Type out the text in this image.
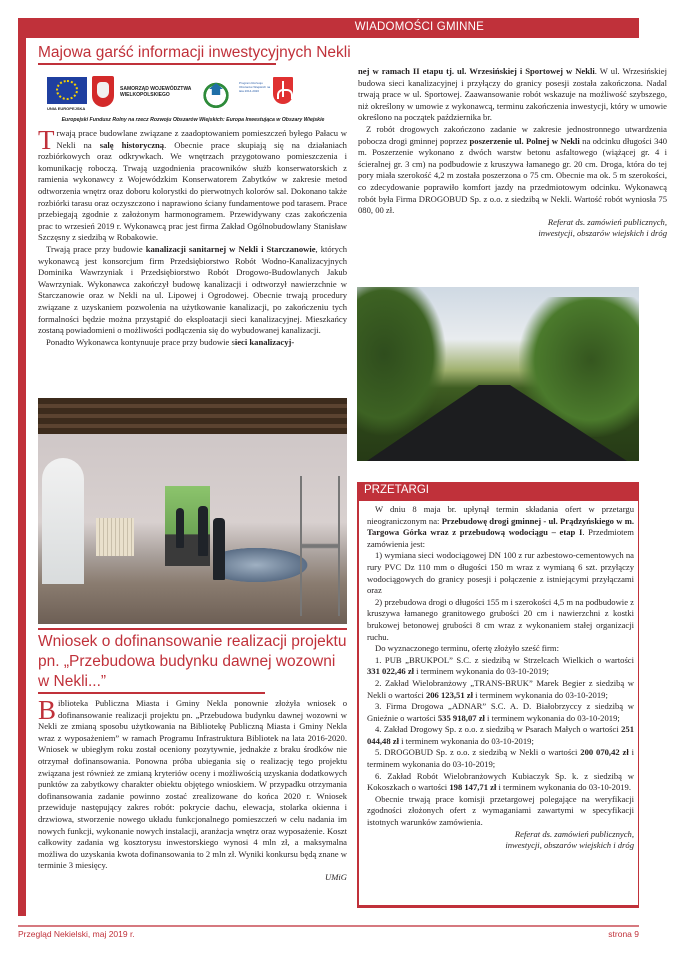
WIADOMOŚCI GMINNE
Majowa garść informacji inwestycyjnych Nekli
UNIA EUROPEJSKA
SAMORZĄD WOJEWÓDZTWA
WIELKOPOLSKIEGO
Program Rozwoju Obszarów Wiejskich na lata 2014-2020
Europejski Fundusz Rolny na rzecz Rozwoju Obszarów Wiejskich: Europa Inwestująca w Obszary Wiejskie

Trwają prace budowlane związane z zaadoptowaniem pomieszczeń byłego Pałacu w Nekli na salę historyczną. Obecnie prace skupiają się na działaniach rozbiórkowych oraz odkrywkach. We wnętrzach przygotowano pomieszczenia i komunikację roboczą. Trwają uzgodnienia pracowników służb konserwatorskich z ramienia wykonawcy z Wojewódzkim Konserwatorem Zabytków w zakresie metod odtworzenia wnętrz oraz doboru kolorystki do pierwotnych kolorów sal. Dokonano także rozbiórki tarasu oraz oczyszczono i naprawiono ściany fundamentowe pod tarasem. Prace przebiegają zgodnie z założonym harmonogramem. Przewidywany czas zakończenia prac to wrzesień 2019 r. Wykonawcą prac jest firma Zakład Ogólnobudowlany Stanisław Szczęsny z siedzibą w Robakowie.

Trwają prace przy budowie kanalizacji sanitarnej w Nekli i Starczanowie, których wykonawcą jest konsorcjum firm Przedsiębiorstwo Robót Wodno-Kanalizacyjnych Dominika Wawrzyniak i Przedsiębiorstwo Robót Drogowo-Budowlanych Jakub Wawrzyniak. Wykonawca zakończył budowę kanalizacji i odtworzył nawierzchnie w Starczanowie oraz w Nekli na ul. Lipowej i Ogrodowej. Obecnie trwają procedury związane z uzyskaniem pozwolenia na użytkowanie kanalizacji, po zakończeniu tych formalności będzie można przystąpić do eksploatacji sieci kanalizacyjnej. Mieszkańcy zostaną powiadomieni o możliwości podłączenia się do wybudowanej kanalizacji.

Ponadto Wykonawca kontynuuje prace przy budowie sieci kanalizacyj-

Wniosek o dofinansowanie realizacji projektu pn. „Przebudowa budynku dawnej wozowni w Nekli...”

Biblioteka Publiczna Miasta i Gminy Nekla ponownie złożyła wniosek o dofinansowanie realizacji projektu pn. „Przebudowa budynku dawnej wozowni w Nekli ze zmianą sposobu użytkowania na Bibliotekę Publiczną Miasta i Gminy Nekla wraz z wyposażeniem” w ramach Programu Infrastruktura Bibliotek na lata 2016-2020. Wniosek w ubiegłym roku został oceniony pozytywnie, jednakże z braku środków nie otrzymał dofinansowania. Ponowna próba ubiegania się o realizację tego projektu związana jest również ze zmianą kryteriów oceny i możliwością uzyskania dodatkowych punktów za zabytkowy charakter obiektu objętego wnioskiem. W przypadku otrzymania dofinansowania zadanie powinno zostać zrealizowane do końca 2020 r. Wniosek przewiduje następujący zakres robót: pokrycie dachu, elewacja, stolarka okienna i drzwiowa, stworzenie nowego układu funkcjonalnego pomieszczeń w celu nadania im nowych funkcji, wykonanie nowych instalacji, aranżacja wnętrz oraz wyposażenie. Koszt całkowity zadania wg kosztorysu inwestorskiego wynosi 4 mln zł, a maksymalna możliwa do uzyskania kwota dofinansowania to 2 mln zł. Wyniki konkursu będą znane w terminie 3 miesięcy.

UMiG

nej w ramach II etapu tj. ul. Wrzesińskiej i Sportowej w Nekli. W ul. Wrzesińskiej budowa sieci kanalizacyjnej i przyłączy do granicy posesji została zakończona. Nadal trwają prace w ul. Sportowej. Zaawansowanie robót wskazuje na możliwość szybszego, niż określony w umowie z wykonawcą, terminu zakończenia inwestycji, który w umowie określono na początek października br.

Z robót drogowych zakończono zadanie w zakresie jednostronnego utwardzenia pobocza drogi gminnej poprzez poszerzenie ul. Polnej w Nekli na odcinku długości 340 m. Poszerzenie wykonano z dwóch warstw betonu asfaltowego (wiążącej gr. 4 i ścieralnej gr. 3 cm) na podbudowie z kruszywa łamanego gr. 20 cm. Droga, która do tej pory miała szerokość 4,2 m została poszerzona o 75 cm. Obecnie ma ok. 5 m szerokości, co zdecydowanie poprawiło komfort jazdy na przedmiotowym odcinku. Wykonawcą robót była Firma DROGOBUD Sp. z o.o. z siedzibą w Nekli. Wartość robót wyniosła 75 080, 00 zł.

Referat ds. zamówień publicznych,

inwestycji, obszarów wiejskich i dróg

PRZETARGI

W dniu 8 maja br. upłynął termin składania ofert w przetargu nieograniczonym na: Przebudowę drogi gminnej - ul. Prądzyńskiego w m. Targowa Górka wraz z przebudową wodociągu – etap I. Przedmiotem zamówienia jest:

1) wymiana sieci wodociągowej DN 100 z rur azbestowo-cementowych na rury PVC Dz 110 mm o długości 150 m wraz z wymianą 6 szt. przyłączy wodociągowych do granicy posesji i połączenie z istniejącymi przyłączami oraz

2) przebudowa drogi o długości 155 m i szerokości 4,5 m na podbudowie z kruszywa łamanego granitowego grubości 20 cm i nawierzchni z kostki brukowej betonowej grubości 8 cm wraz z wykonaniem stałej organizacji ruchu.

Do wyznaczonego terminu, ofertę złożyło sześć firm:

1. PUB „BRUKPOL” S.C. z siedzibą w Strzelcach Wielkich o wartości 331 022,46 zł i terminem wykonania do 03-10-2019;

2. Zakład Wielobranżowy „TRANS-BRUK” Marek Begier z siedzibą w Nekli o wartości 206 123,51 zł i terminem wykonania do 03-10-2019;

3. Firma Drogowa „ADNAR” S.C. A. D. Białobrzyccy z siedzibą w Gnieźnie o wartości 535 918,07 zł i terminem wykonania do 03-10-2019;

4. Zakład Drogowy Sp. z o.o. z siedzibą w Psarach Małych o wartości 251 044,48 zł i terminem wykonania do 03-10-2019;

5. DROGOBUD Sp. z o.o. z siedzibą w Nekli o wartości 200 070,42 zł i terminem wykonania do 03-10-2019;

6. Zakład Robót Wielobranżowych Kubiaczyk Sp. k. z siedzibą w Kokoszkach o wartości 198 147,71 zł i terminem wykonania do 03-10-2019.

Obecnie trwają prace komisji przetargowej polegające na weryfikacji zgodności złożonych ofert z wymaganiami zawartymi w specyfikacji istotnych warunków zamówienia.

Referat ds. zamówień publicznych,

inwestycji, obszarów wiejskich i dróg

Przegląd Nekielski, maj 2019 r.	strona 9
